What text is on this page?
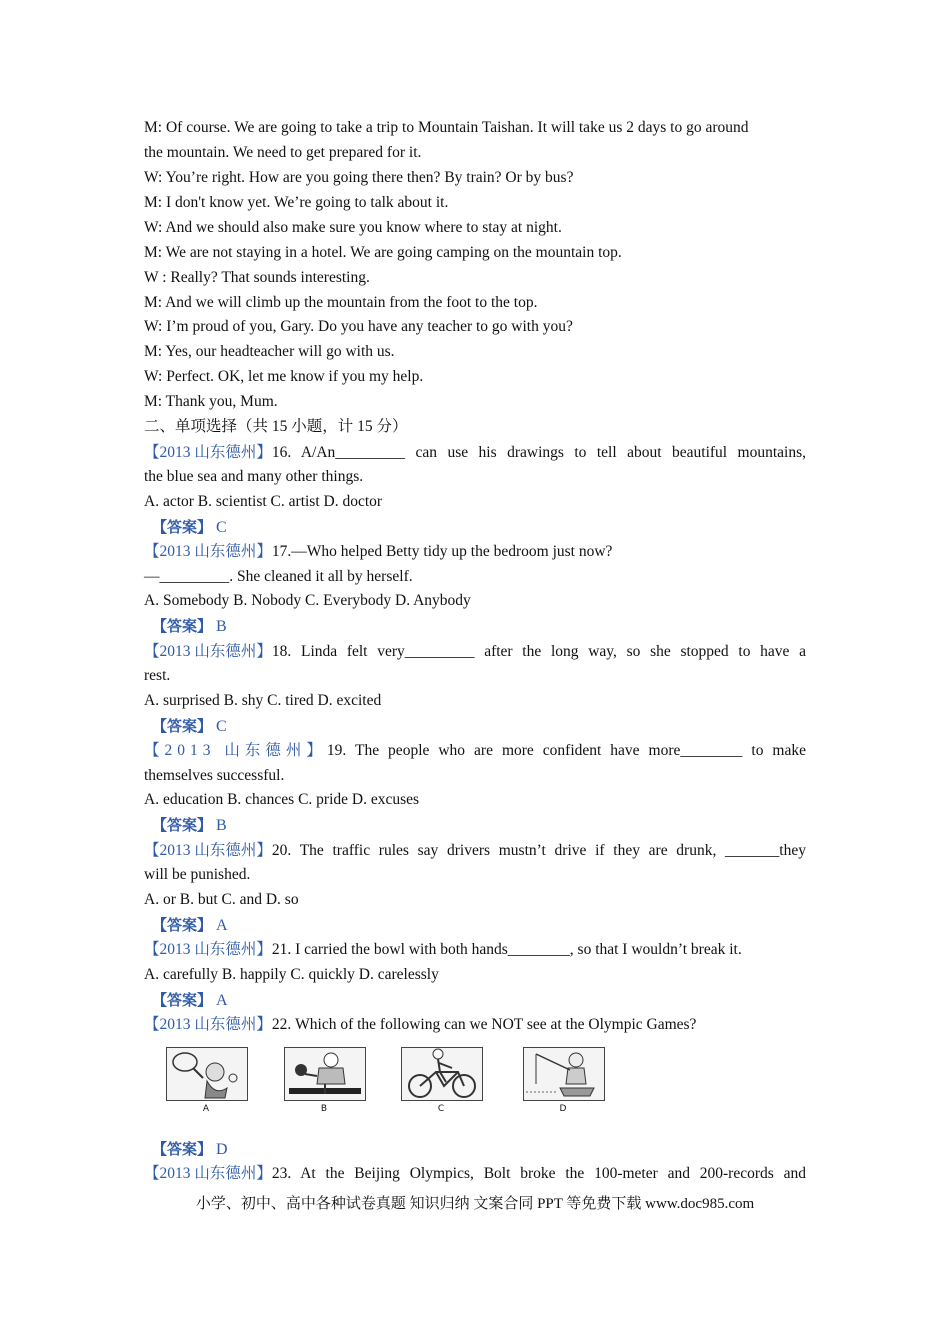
M: Of course. We are going to take a trip to Mountain Taishan. It will take us 2 days to go around
the mountain. We need to get prepared for it.
W: You’re right. How are you going there then? By train? Or by bus?
M: I don't know yet. We’re going to talk about it.
W: And we should also make sure you know where to stay at night.
M: We are not staying in a hotel. We are going camping on the mountain top.
W : Really? That sounds interesting.
M: And we will climb up the mountain from the foot to the top.
W: I’m proud of you, Gary. Do you have any teacher to go with you?
M: Yes, our headteacher will go with us.
W: Perfect. OK, let me know if you my help.
M: Thank you, Mum.
二、单项选择（共 15 小题，计 15 分）
【2013 山东德州】 16. A/An_________ can use his drawings to tell about beautiful mountains,
the blue sea and many other things.
A. actor B. scientist C. artist D. doctor
【答案】 C
【2013 山东德州】17.—Who helped Betty tidy up the bedroom just now?
—_________. She cleaned it all by herself.
A. Somebody B. Nobody C. Everybody D. Anybody
【答案】 B
【2013 山东德州】 18. Linda felt very_________ after the long way, so she stopped to have a
rest.
A. surprised B. shy C. tired D. excited
【答案】 C
【2013 山东德州】 19. The people who are more confident have more________ to make
themselves successful.
A. education B. chances C. pride D. excuses
【答案】 B
【2013 山东德州】 20. The traffic rules say drivers mustn’t drive if they are drunk, _______they
will be punished.
A. or B. but C. and D. so
【答案】 A
【2013 山东德州】21. I carried the bowl with both hands________, so that I wouldn’t break it.
A. carefully B. happily C. quickly D. carelessly
【答案】 A
【2013 山东德州】22. Which of the following can we NOT see at the Olympic Games?
A	B	C	D
【答案】 D
【2013 山东德州】 23. At the Beijing Olympics, Bolt broke the 100-meter and 200-records and
小学、初中、高中各种试卷真题 知识归纳 文案合同 PPT 等免费下载 www.doc985.com
